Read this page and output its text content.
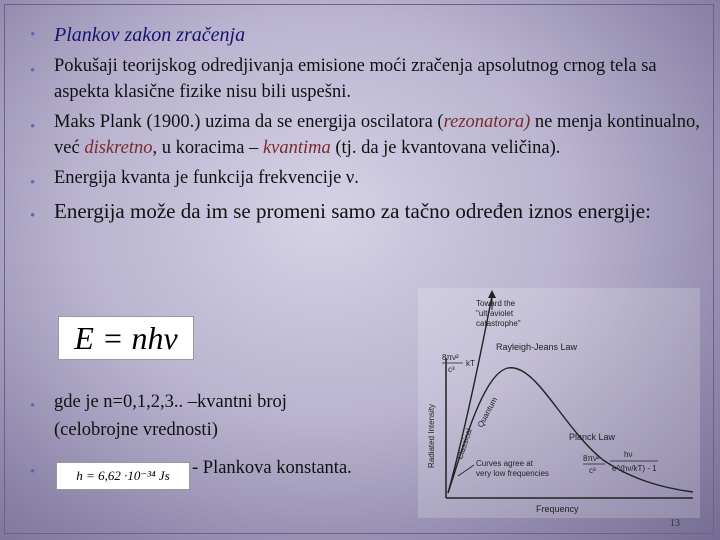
• Plankov zakon zračenja
• Pokušaji teorijskog odredjivanja emisione moći zračenja apsolutnog crnog tela sa aspekta klasične fizike nisu bili uspešni.
• Maks Plank (1900.) uzima da se energija oscilatora (rezonatora) ne menja kontinualno, već diskretno, u koracima – kvantima (tj. da je kvantovana veličina).
• Energija kvanta je funkcija frekvencije ν.
• Energija može da im se promeni samo za tačno određen iznos energije:
E = nhν
• gde je n=0,1,2,3.. –kvantni broj
(celobrojne vrednosti)
•
	h = 6,62 ·10⁻³⁴ Js	- Plankova konstanta.
Toward the
"ultraviolet
catastrophe"
Rayleigh-Jeans Law
8πν²
c³
kT
Planck Law
8πν²
c³
hν
e^(hν/kT) - 1
Curves agree at
very low frequencies
Frequency
Radiated Intensity Classical
Quantum
13
